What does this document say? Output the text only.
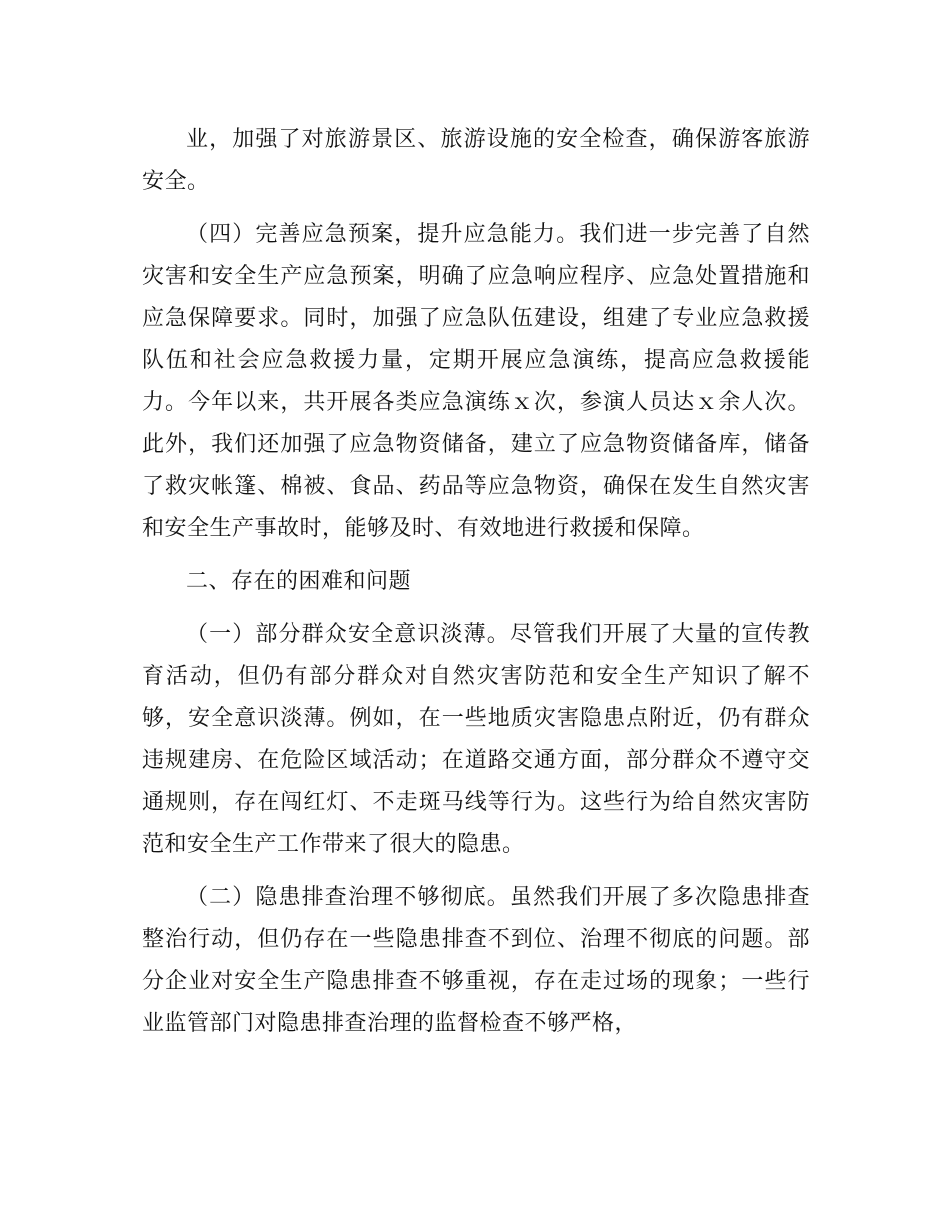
业，加强了对旅游景区、旅游设施的安全检查，确保游客旅游安全。

（四）完善应急预案，提升应急能力。我们进一步完善了自然灾害和安全生产应急预案，明确了应急响应程序、应急处置措施和应急保障要求。同时，加强了应急队伍建设，组建了专业应急救援队伍和社会应急救援力量，定期开展应急演练，提高应急救援能力。今年以来，共开展各类应急演练ｘ次，参演人员达ｘ余人次。此外，我们还加强了应急物资储备，建立了应急物资储备库，储备了救灾帐篷、棉被、食品、药品等应急物资，确保在发生自然灾害和安全生产事故时，能够及时、有效地进行救援和保障。

二、存在的困难和问题

（一）部分群众安全意识淡薄。尽管我们开展了大量的宣传教育活动，但仍有部分群众对自然灾害防范和安全生产知识了解不够，安全意识淡薄。例如，在一些地质灾害隐患点附近，仍有群众违规建房、在危险区域活动；在道路交通方面，部分群众不遵守交通规则，存在闯红灯、不走斑马线等行为。这些行为给自然灾害防范和安全生产工作带来了很大的隐患。

（二）隐患排查治理不够彻底。虽然我们开展了多次隐患排查整治行动，但仍存在一些隐患排查不到位、治理不彻底的问题。部分企业对安全生产隐患排查不够重视，存在走过场的现象；一些行业监管部门对隐患排查治理的监督检查不够严格，
